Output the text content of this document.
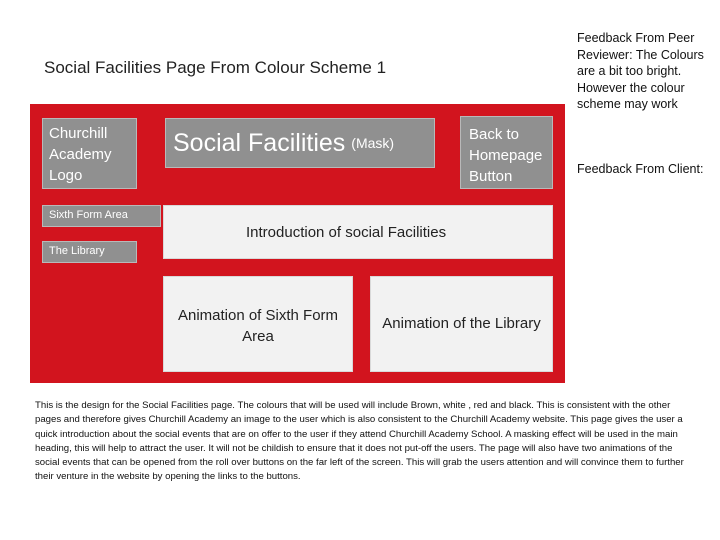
Social Facilities Page From Colour Scheme 1
Churchill Academy Logo
Social Facilities (Mask)	Back to Homepage Button
Sixth Form Area
The Library
Introduction of social Facilities
Animation of Sixth Form Area
Animation of the Library
Feedback From Peer Reviewer: The Colours are a bit too bright. However the colour scheme may work
Feedback From Client:
This is the design for the Social Facilities page. The colours that will be used will include Brown, white , red and black. This is consistent with the other pages and therefore gives Churchill Academy an image to the user which is also consistent to the Churchill Academy website. This page gives the user a quick introduction about the social events that are on offer to the user if they attend Churchill Academy School. A masking effect will be used in the main heading, this will help to attract the user. It will not be childish to ensure that it does not put-off the users. The page will also have two animations of the social events that can be opened from the roll over buttons on the far left of the screen. This will grab the users attention and will convince them to further their venture in the website by opening the links to the buttons.
